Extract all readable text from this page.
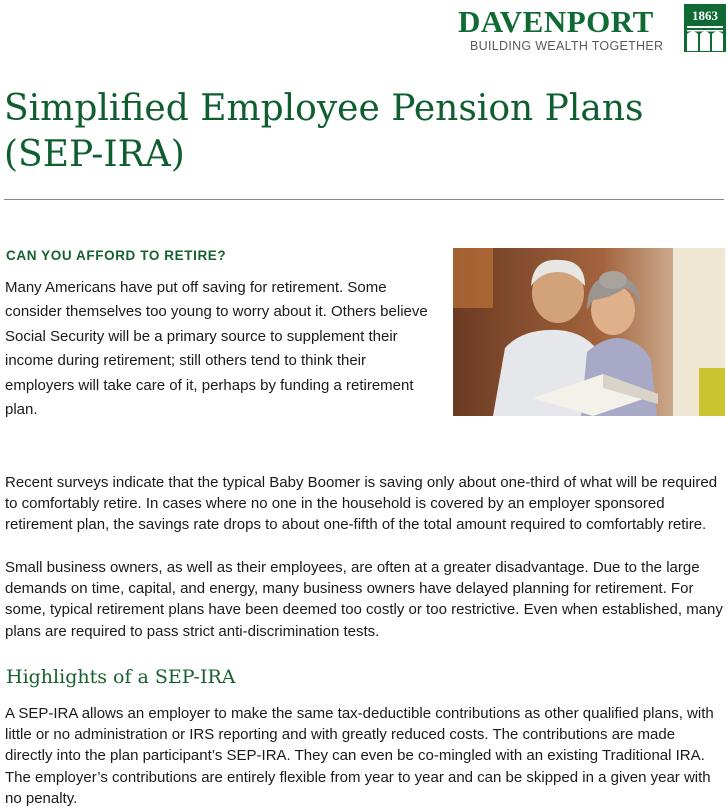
DAVENPORT
BUILDING WEALTH TOGETHER
1863
Simplified Employee Pension Plans
(SEP-IRA)
CAN YOU AFFORD TO RETIRE?

Many Americans have put off saving for retirement. Some consider themselves too young to worry about it. Others believe Social Security will be a primary source to supplement their income during retirement; still others tend to think their employers will take care of it, perhaps by funding a retirement plan.

Recent surveys indicate that the typical Baby Boomer is saving only about one-third of what will be required to comfortably retire. In cases where no one in the household is covered by an employer sponsored retirement plan, the savings rate drops to about one-fifth of the total amount required to comfortably retire.

Small business owners, as well as their employees, are often at a greater disadvantage. Due to the large demands on time, capital, and energy, many business owners have delayed planning for retirement. For some, typical retirement plans have been deemed too costly or too restrictive. Even when established, many plans are required to pass strict anti-discrimination tests.

Highlights of a SEP-IRA

A SEP-IRA allows an employer to make the same tax-deductible contributions as other qualified plans, with little or no administration or IRS reporting and with greatly reduced costs. The contributions are made directly into the plan participant’s SEP-IRA. They can even be co-mingled with an existing Traditional IRA. The employer’s contributions are entirely flexible from year to year and can be skipped in a given year with no penalty.
